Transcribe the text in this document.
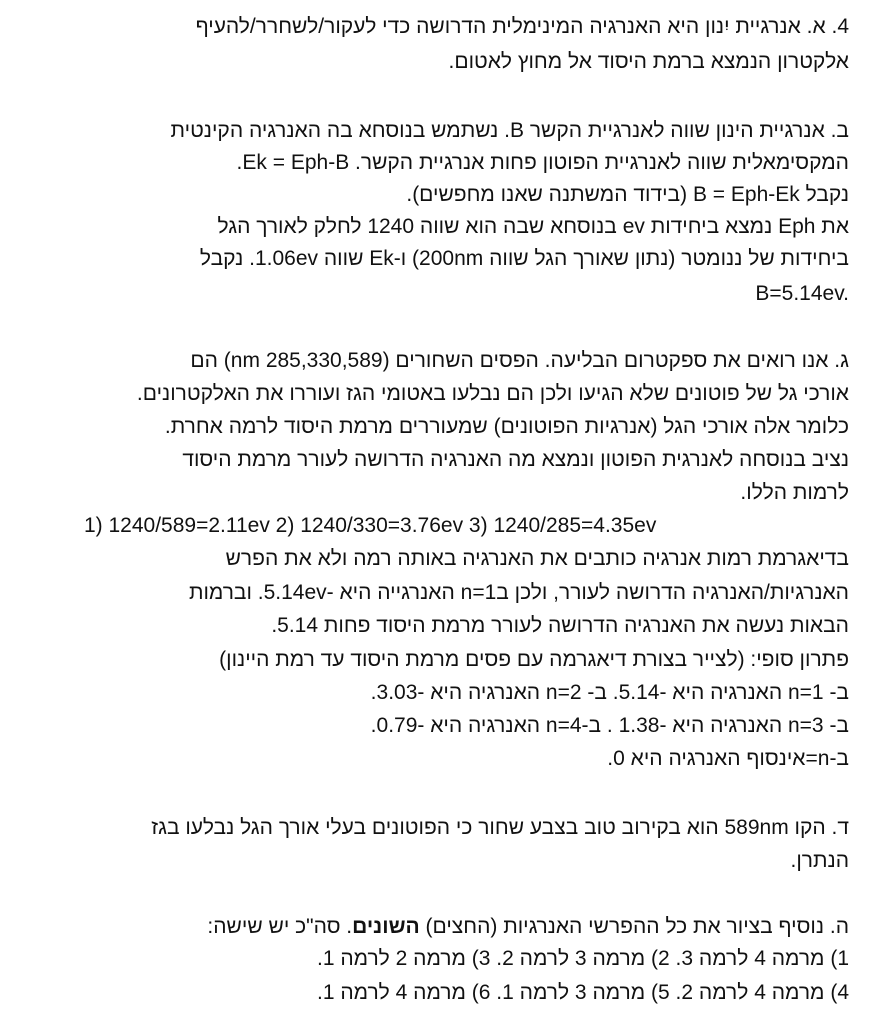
4. א. אנרגיית יִנון היא האנרגיה המינימלית הדרושה כדי לעקור/לשחרר/להעיף
אלקטרון הנמצא ברמת היסוד אל מחוץ לאטום.
ב. אנרגיית הינון שווה לאנרגיית הקשר B. נשתמש בנוסחא בה האנרגיה הקינטית
המקסימאלית שווה לאנרגיית הפוטון פחות אנרגיית הקשר. Ek = Eph-B.
נקבל B = Eph-Ek (בידוד המשתנה שאנו מחפשים).
את Eph נמצא ביחידות ev בנוסחא שבה הוא שווה 1240 לחלק לאורך הגל
ביחידות של ננומטר (נתון שאורך הגל שווה 200nm) ו-Ek שווה 1.06ev. נקבל
B=5.14ev.
ג. אנו רואים את ספקטרום הבליעה. הפסים השחורים (285,330,589 nm) הם
אורכי גל של פוטונים שלא הגיעו ולכן הם נבלעו באטומי הגז ועוררו את האלקטרונים.
כלומר אלה אורכי הגל (אנרגיות הפוטונים) שמעוררים מרמת היסוד לרמה אחרת.
נציב בנוסחה לאנרגית הפוטון ונמצא מה האנרגיה הדרושה לעורר מרמת היסוד
לרמות הללו.
1) 1240/589=2.11ev 2) 1240/330=3.76ev 3) 1240/285=4.35ev
בדיאגרמת רמות אנרגיה כותבים את האנרגיה באותה רמה ולא את הפרש
האנרגיות/האנרגיה הדרושה לעורר, ולכן ב1=n האנרגייה היא -5.14ev. וברמות
הבאות נעשה את האנרגיה הדרושה לעורר מרמת היסוד פחות 5.14.
פתרון סופי: (לצייר בצורת דיאגרמה עם פסים מרמת היסוד עד רמת היינון)
ב- n=1 האנרגיה היא -5.14. ב- n=2 האנרגיה היא -3.03.
ב- n=3 האנרגיה היא -1.38 . ב-n=4 האנרגיה היא -0.79.
ב-n=אינסוף האנרגיה היא 0.
ד. הקו 589nm הוא בקירוב טוב בצבע שחור כי הפוטונים בעלי אורך הגל נבלעו בגז
הנתרן.
ה. נוסיף בציור את כל ההפרשי האנרגיות (החצים) השונים. סה"כ יש שישה:
1) מרמה 4 לרמה 3. 2) מרמה 3 לרמה 2. 3) מרמה 2 לרמה 1.
4) מרמה 4 לרמה 2. 5) מרמה 3 לרמה 1. 6) מרמה 4 לרמה 1.
